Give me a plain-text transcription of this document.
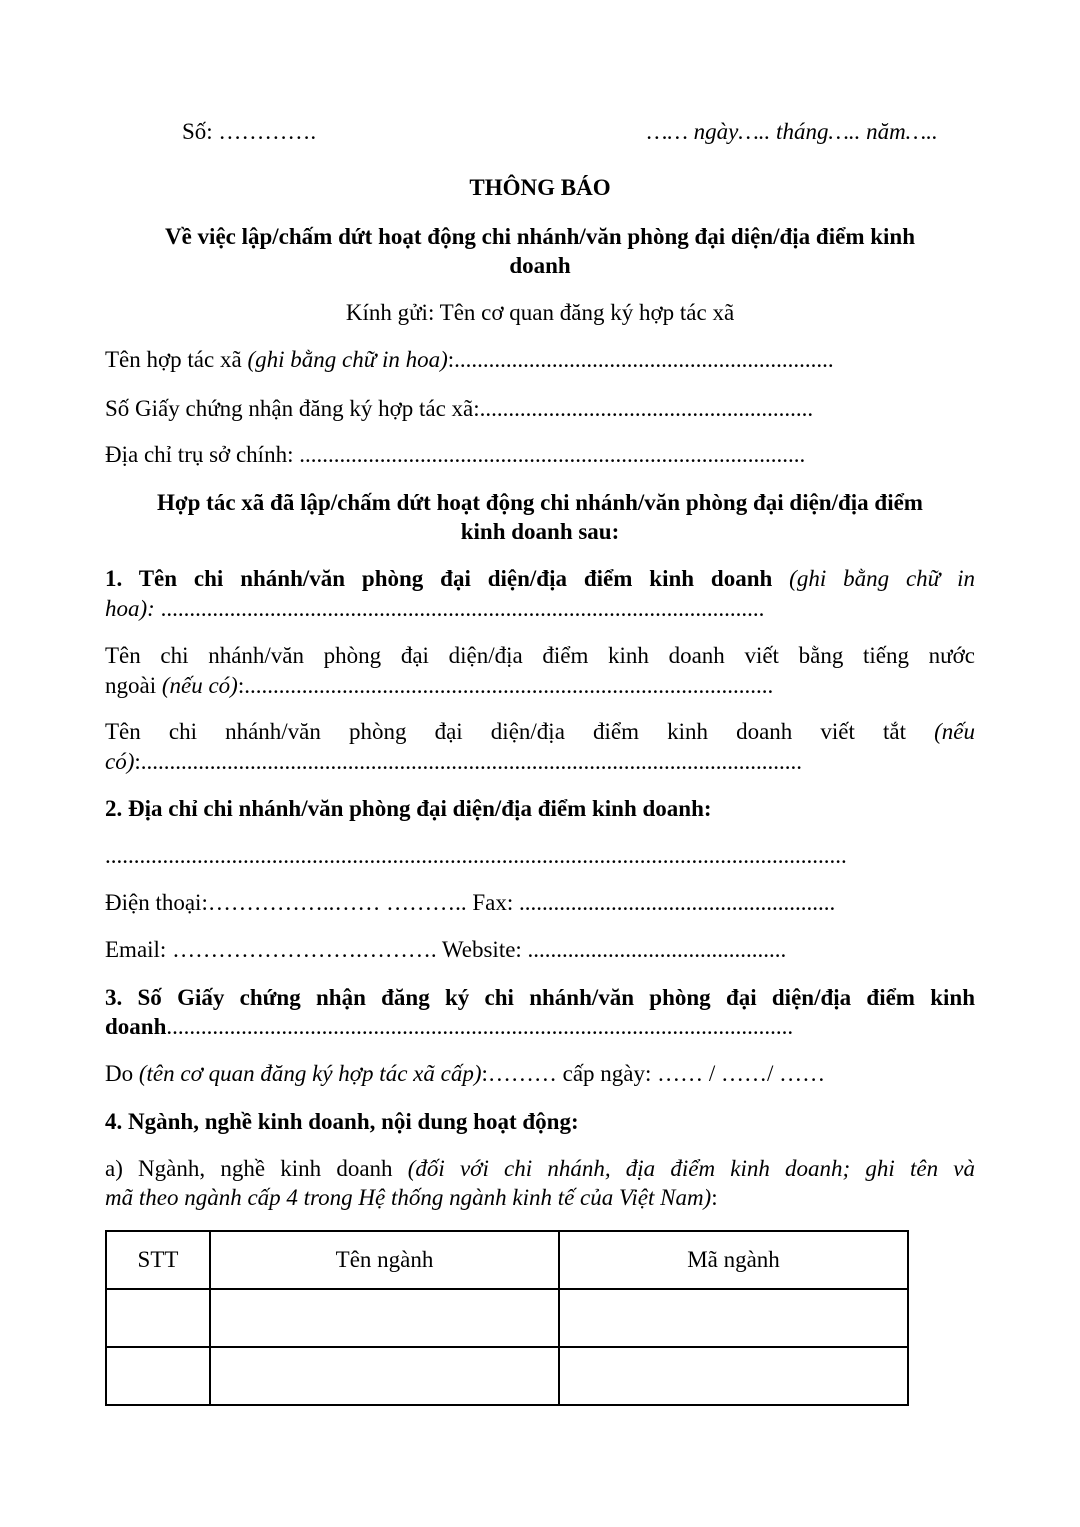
Số: ………….	…… ngày….. tháng….. năm…..
THÔNG BÁO
Về việc lập/chấm dứt hoạt động chi nhánh/văn phòng đại diện/địa điểm kinh
doanh
Kính gửi: Tên cơ quan đăng ký hợp tác xã
Tên hợp tác xã (ghi bằng chữ in hoa):..................................................................
Số Giấy chứng nhận đăng ký hợp tác xã:..........................................................
Địa chỉ trụ sở chính: ........................................................................................
Hợp tác xã đã lập/chấm dứt hoạt động chi nhánh/văn phòng đại diện/địa điểm
kinh doanh sau:
1. Tên chi nhánh/văn phòng đại diện/địa điểm kinh doanh (ghi bằng chữ in
hoa): .........................................................................................................
Tên chi nhánh/văn phòng đại diện/địa điểm kinh doanh viết bằng tiếng nước
ngoài (nếu có):............................................................................................
Tên chi nhánh/văn phòng đại diện/địa điểm kinh doanh viết tắt (nếu
có):...................................................................................................................
2. Địa chỉ chi nhánh/văn phòng đại diện/địa điểm kinh doanh:
.................................................................................................................................
Điện thoại:……………..…… ……….. Fax: .......................................................
Email: …………………….………. Website: .............................................
3. Số Giấy chứng nhận đăng ký chi nhánh/văn phòng đại diện/địa điểm kinh
doanh.............................................................................................................
Do (tên cơ quan đăng ký hợp tác xã cấp):……… cấp ngày: …… / ……/ ……
4. Ngành, nghề kinh doanh, nội dung hoạt động:
a) Ngành, nghề kinh doanh (đối với chi nhánh, địa điểm kinh doanh; ghi tên và
mã theo ngành cấp 4 trong Hệ thống ngành kinh tế của Việt Nam):
STT	Tên ngành	Mã ngành
